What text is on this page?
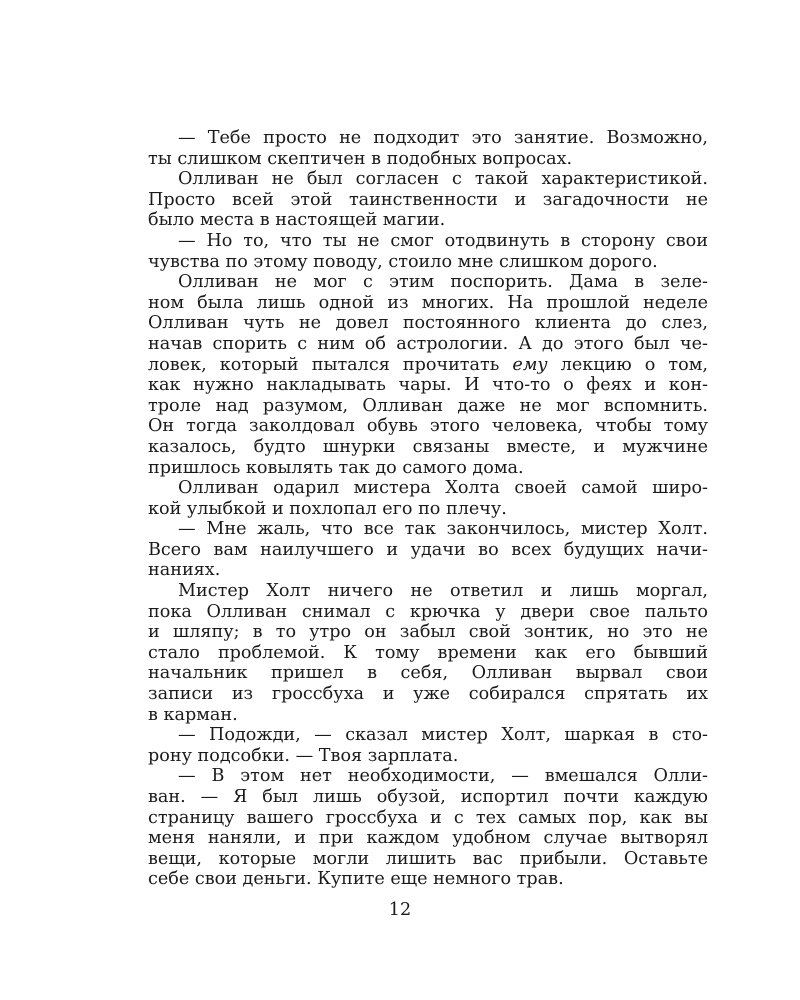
— Тебе просто не подходит это занятие. Возможно,
ты слишком скептичен в подобных вопросах.
Олливан не был согласен с такой характеристикой.
Просто всей этой таинственности и загадочности не
было места в настоящей магии.
— Но то, что ты не смог отодвинуть в сторону свои
чувства по этому поводу, стоило мне слишком дорого.
Олливан не мог с этим поспорить. Дама в зеле-
ном была лишь одной из многих. На прошлой неделе
Олливан чуть не довел постоянного клиента до слез,
начав спорить с ним об астрологии. А до этого был че-
ловек, который пытался прочитать ему лекцию о том,
как нужно накладывать чары. И что-то о феях и кон-
троле над разумом, Олливан даже не мог вспомнить.
Он тогда заколдовал обувь этого человека, чтобы тому
казалось, будто шнурки связаны вместе, и мужчине
пришлось ковылять так до самого дома.
Олливан одарил мистера Холта своей самой широ-
кой улыбкой и похлопал его по плечу.
— Мне жаль, что все так закончилось, мистер Холт.
Всего вам наилучшего и удачи во всех будущих начи-
наниях.
Мистер Холт ничего не ответил и лишь моргал,
пока Олливан снимал с крючка у двери свое пальто
и шляпу; в то утро он забыл свой зонтик, но это не
стало проблемой. К тому времени как его бывший
начальник пришел в себя, Олливан вырвал свои
записи из гроссбуха и уже собирался спрятать их
в карман.
— Подожди, — сказал мистер Холт, шаркая в сто-
рону подсобки. — Твоя зарплата.
— В этом нет необходимости, — вмешался Олли-
ван. — Я был лишь обузой, испортил почти каждую
страницу вашего гроссбуха и с тех самых пор, как вы
меня наняли, и при каждом удобном случае вытворял
вещи, которые могли лишить вас прибыли. Оставьте
себе свои деньги. Купите еще немного трав.
12
